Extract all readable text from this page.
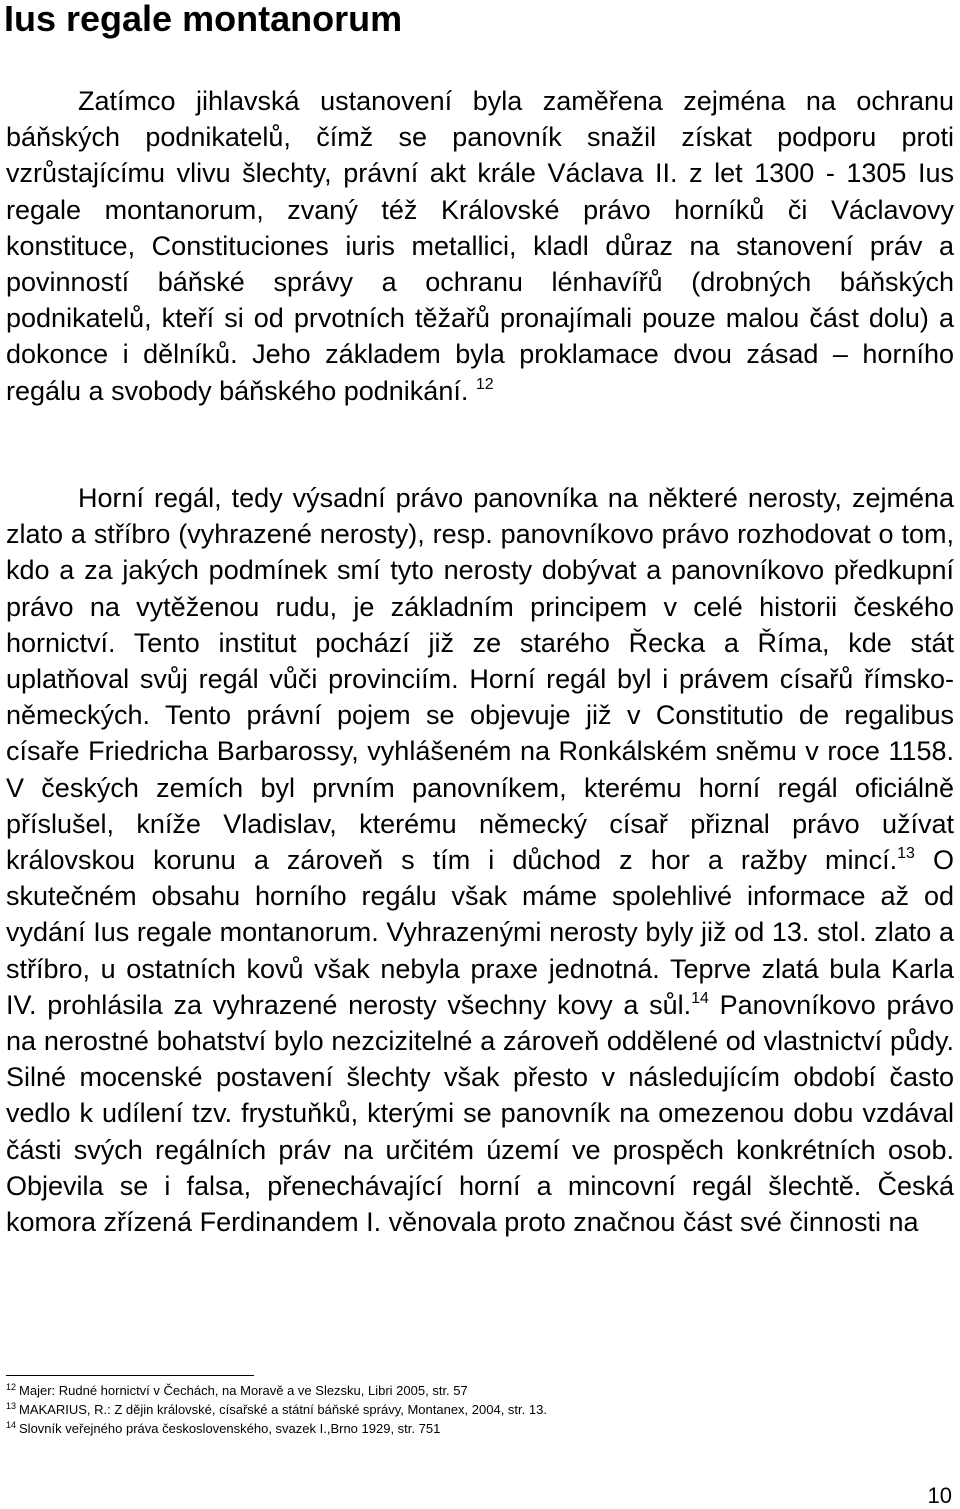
Ius regale montanorum

Zatímco jihlavská ustanovení byla zaměřena zejména na ochranu báňských podnikatelů, čímž se panovník snažil získat podporu proti vzrůstajícímu vlivu šlechty, právní akt krále Václava II. z let 1300 - 1305 Ius regale montanorum, zvaný též Královské právo horníků či Václavovy konstituce, Constituciones iuris metallici, kladl důraz na stanovení práv a povinností báňské správy a ochranu lénhavířů (drobných báňských podnikatelů, kteří si od prvotních těžařů pronajímali pouze malou část dolu) a dokonce i dělníků. Jeho základem byla proklamace dvou zásad – horního regálu a svobody báňského podnikání. $^{12}$

Horní regál, tedy výsadní právo panovníka na některé nerosty, zejména zlato a stříbro (vyhrazené nerosty), resp. panovníkovo právo rozhodovat o tom, kdo a za jakých podmínek smí tyto nerosty dobývat a panovníkovo předkupní právo na vytěženou rudu, je základním principem v celé historii českého hornictví. Tento institut pochází již ze starého Řecka a Říma, kde stát uplatňoval svůj regál vůči provinciím. Horní regál byl i právem císařů římsko-německých. Tento právní pojem se objevuje již v Constitutio de regalibus císaře Friedricha Barbarossy, vyhlášeném na Ronkálském sněmu v roce 1158. V českých zemích byl prvním panovníkem, kterému horní regál oficiálně příslušel, kníže Vladislav, kterému německý císař přiznal právo užívat královskou korunu a zároveň s tím i důchod z hor a ražby mincí.$^{13}$ O skutečném obsahu horního regálu však máme spolehlivé informace až od vydání Ius regale montanorum. Vyhrazenými nerosty byly již od 13. stol. zlato a stříbro, u ostatních kovů však nebyla praxe jednotná. Teprve zlatá bula Karla IV. prohlásila za vyhrazené nerosty všechny kovy a sůl.$^{14}$ Panovníkovo právo na nerostné bohatství bylo nezcizitelné a zároveň oddělené od vlastnictví půdy. Silné mocenské postavení šlechty však přesto v následujícím období často vedlo k udílení tzv. frystuňků, kterými se panovník na omezenou dobu vzdával části svých regálních práv na určitém území ve prospěch konkrétních osob. Objevila se i falsa, přenechávající horní a mincovní regál šlechtě. Česká komora zřízená Ferdinandem I. věnovala proto značnou část své činnosti na

$^{12}$ Majer: Rudné hornictví v Čechách, na Moravě a ve Slezsku, Libri 2005, str. 57
$^{13}$ MAKARIUS, R.: Z dějin královské, císařské a státní báňské správy, Montanex, 2004, str. 13.
$^{14}$ Slovník veřejného práva československého, svazek I.,Brno 1929, str. 751
10
